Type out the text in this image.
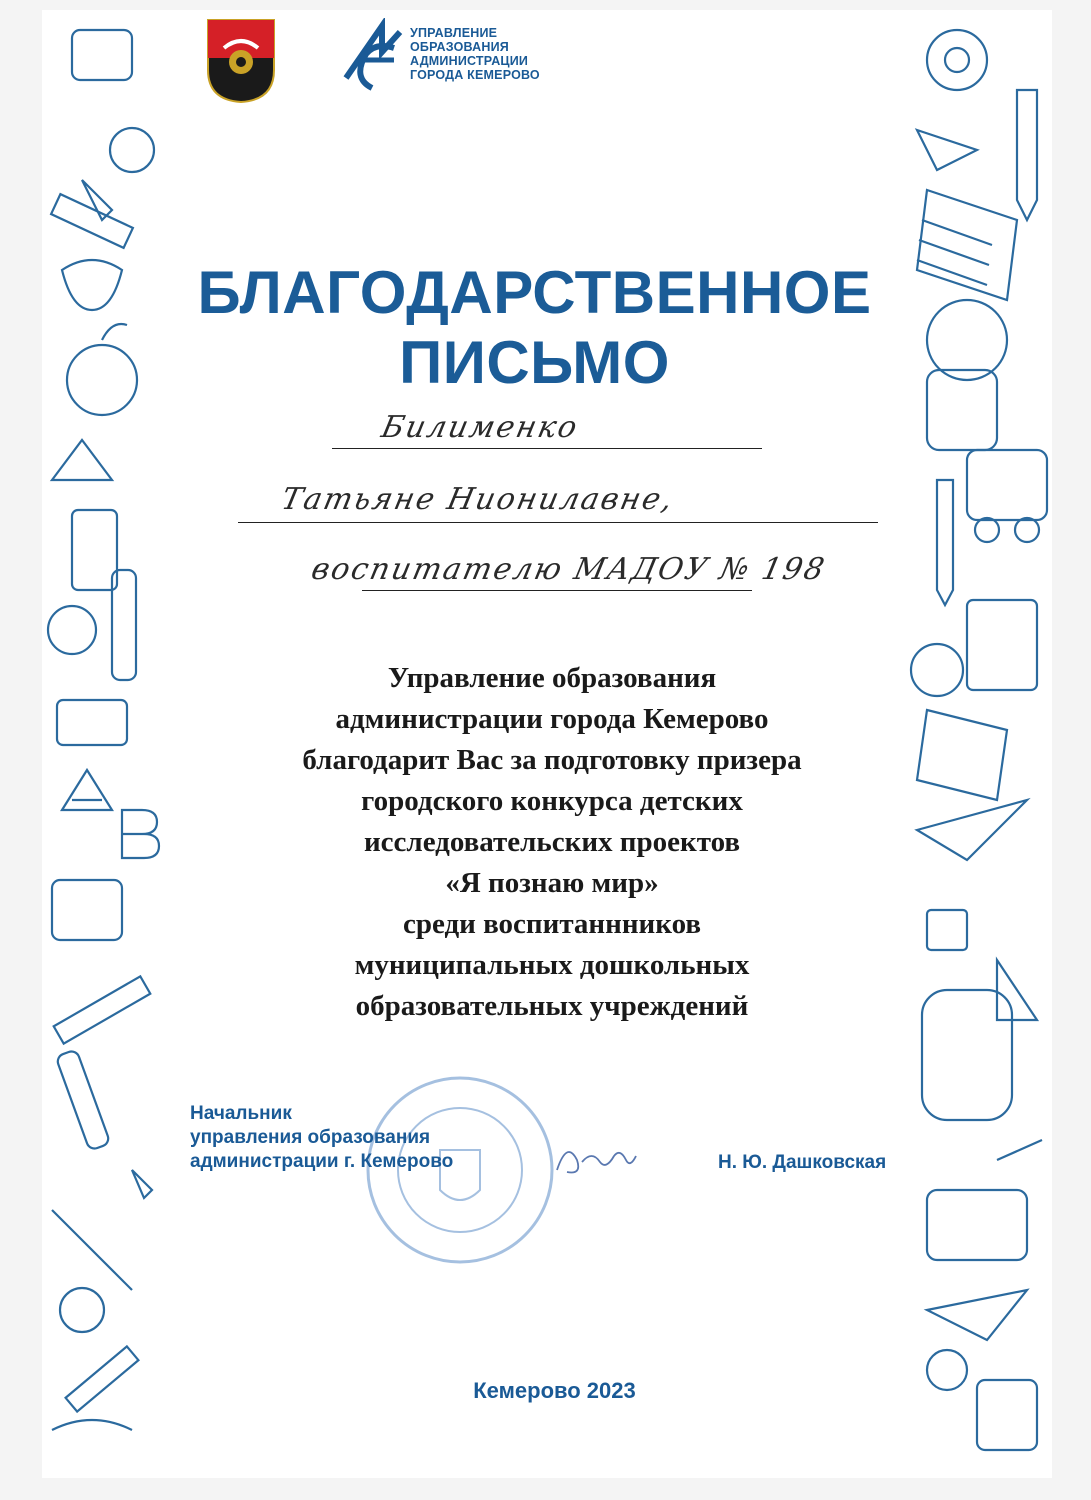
УПРАВЛЕНИЕ
ОБРАЗОВАНИЯ
АДМИНИСТРАЦИИ
ГОРОДА КЕМЕРОВО
БЛАГОДАРСТВЕННОЕ
ПИСЬМО
Билименко
Татьяне Нионилавне,
воспитателю МАДОУ № 198
Управление образования
администрации города Кемерово
благодарит Вас за подготовку призера
городского конкурса детских
исследовательских проектов
«Я познаю мир»
среди воспитаннников
муниципальных дошкольных
образовательных учреждений
Начальник
управления образования
администрации г. Кемерово	Н. Ю. Дашковская
Кемерово 2023
